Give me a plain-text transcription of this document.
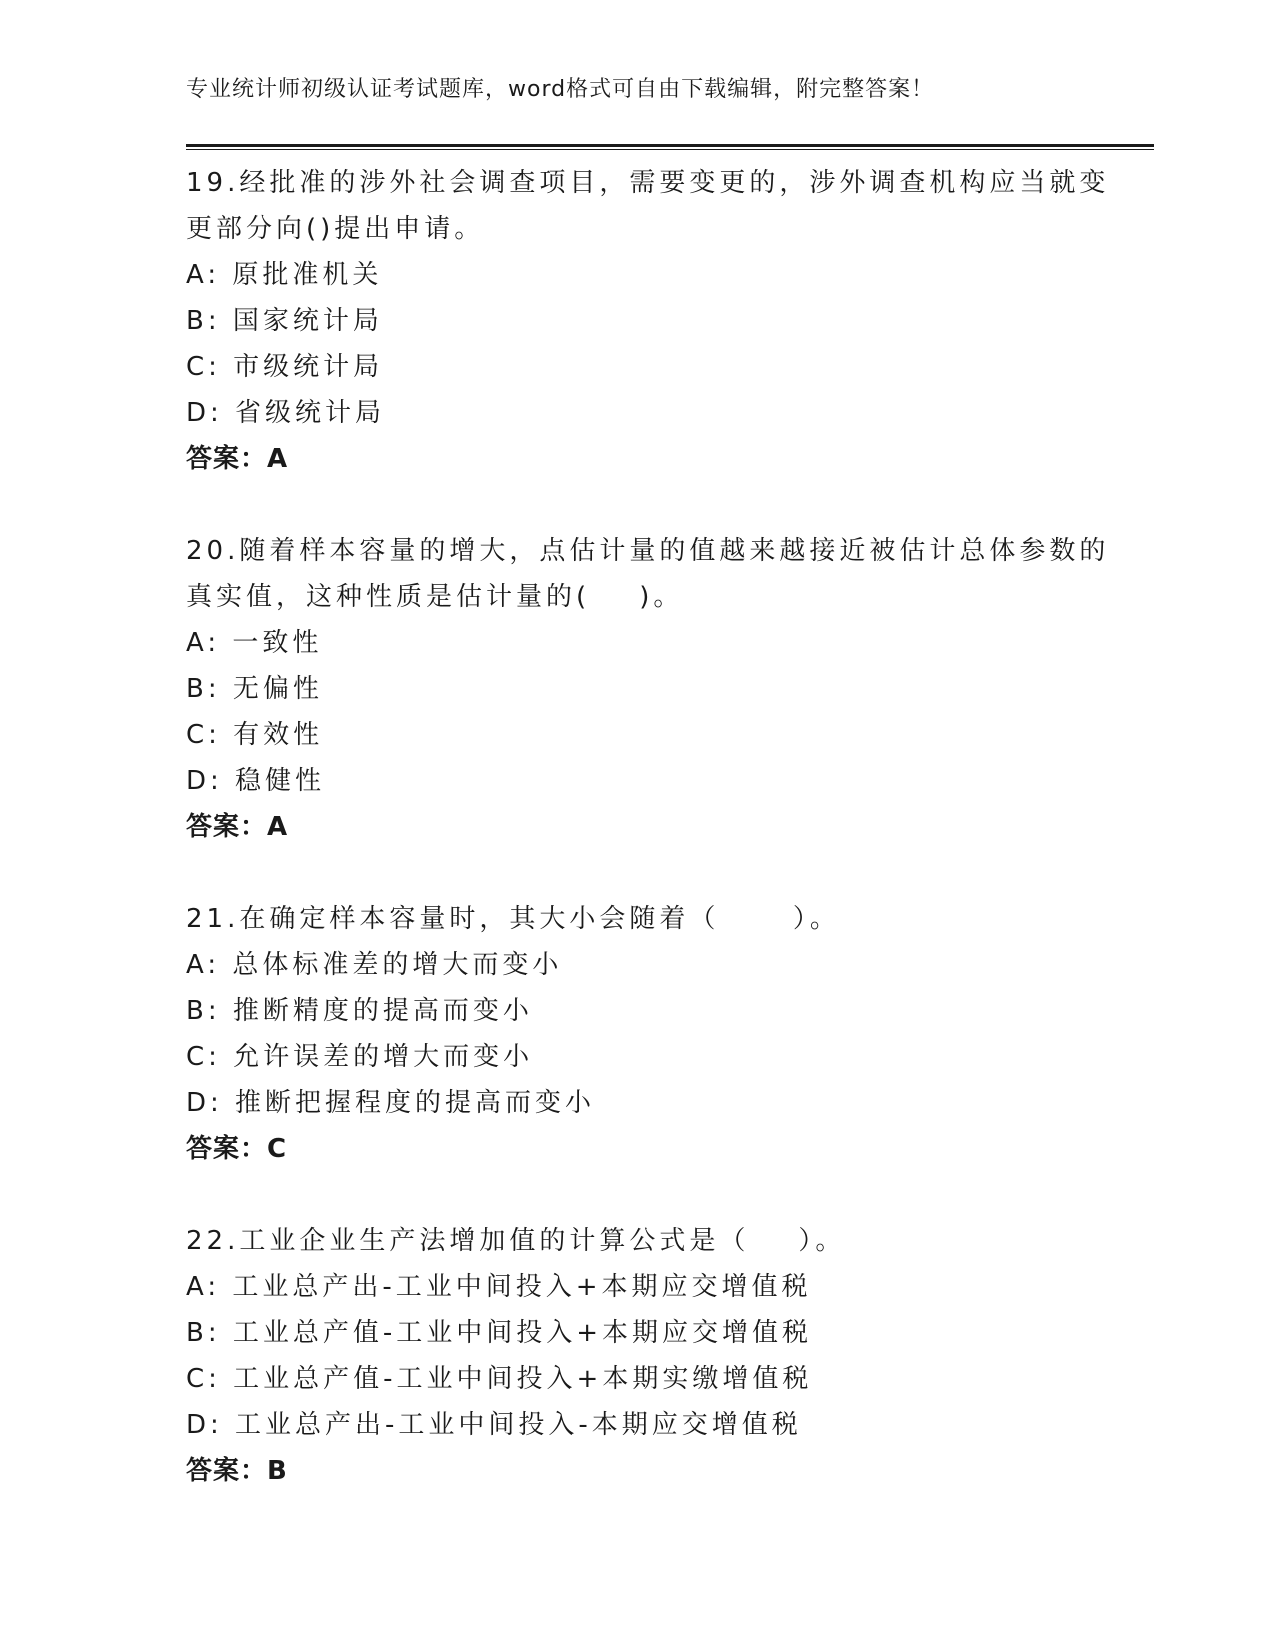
专业统计师初级认证考试题库，word格式可自由下载编辑，附完整答案！
19.经批准的涉外社会调查项目，需要变更的，涉外调查机构应当就变
更部分向()提出申请。
A: 原批准机关
B: 国家统计局
C: 市级统计局
D: 省级统计局
答案：A
20.随着样本容量的增大，点估计量的值越来越接近被估计总体参数的
真实值，这种性质是估计量的(    )。
A: 一致性
B: 无偏性
C: 有效性
D: 稳健性
答案：A
21.在确定样本容量时，其大小会随着（      ）。
A: 总体标准差的增大而变小
B: 推断精度的提高而变小
C: 允许误差的增大而变小
D: 推断把握程度的提高而变小
答案：C
22.工业企业生产法增加值的计算公式是（    ）。
A: 工业总产出-工业中间投入+本期应交增值税
B: 工业总产值-工业中间投入+本期应交增值税
C: 工业总产值-工业中间投入+本期实缴增值税
D: 工业总产出-工业中间投入-本期应交增值税
答案：B
